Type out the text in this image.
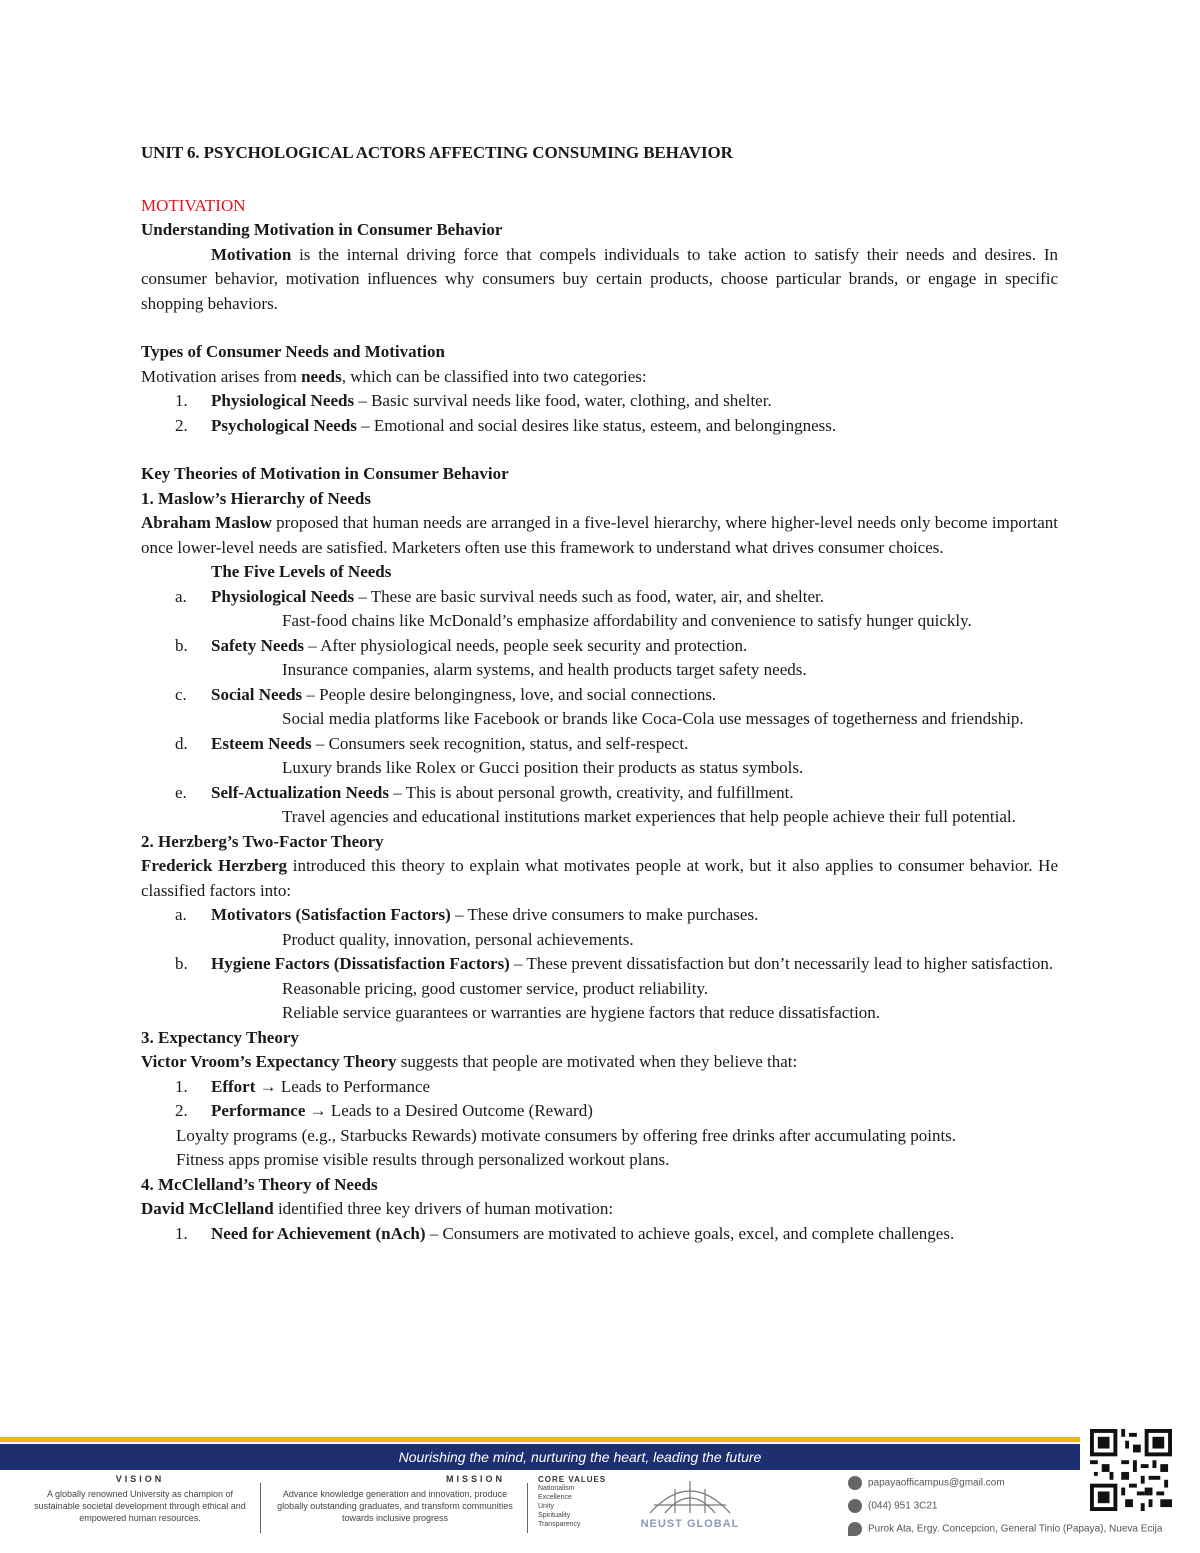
UNIT 6. PSYCHOLOGICAL ACTORS AFFECTING CONSUMING BEHAVIOR

MOTIVATION

Understanding Motivation in Consumer Behavior

Motivation is the internal driving force that compels individuals to take action to satisfy their needs and desires. In consumer behavior, motivation influences why consumers buy certain products, choose particular brands, or engage in specific shopping behaviors.

Types of Consumer Needs and Motivation

Motivation arises from needs, which can be classified into two categories:

1. Physiological Needs – Basic survival needs like food, water, clothing, and shelter.
2. Psychological Needs – Emotional and social desires like status, esteem, and belongingness.

Key Theories of Motivation in Consumer Behavior

1. Maslow’s Hierarchy of Needs

Abraham Maslow proposed that human needs are arranged in a five-level hierarchy, where higher-level needs only become important once lower-level needs are satisfied. Marketers often use this framework to understand what drives consumer choices.

The Five Levels of Needs

a. Physiological Needs – These are basic survival needs such as food, water, air, and shelter.

Fast-food chains like McDonald’s emphasize affordability and convenience to satisfy hunger quickly.

b. Safety Needs – After physiological needs, people seek security and protection.

Insurance companies, alarm systems, and health products target safety needs.

c. Social Needs – People desire belongingness, love, and social connections.

Social media platforms like Facebook or brands like Coca-Cola use messages of togetherness and friendship.

d. Esteem Needs – Consumers seek recognition, status, and self-respect.

Luxury brands like Rolex or Gucci position their products as status symbols.

e. Self-Actualization Needs – This is about personal growth, creativity, and fulfillment.

Travel agencies and educational institutions market experiences that help people achieve their full potential.

2. Herzberg’s Two-Factor Theory

Frederick Herzberg introduced this theory to explain what motivates people at work, but it also applies to consumer behavior. He classified factors into:

a. Motivators (Satisfaction Factors) – These drive consumers to make purchases.

Product quality, innovation, personal achievements.

b. Hygiene Factors (Dissatisfaction Factors) – These prevent dissatisfaction but don’t necessarily lead to higher satisfaction.

Reasonable pricing, good customer service, product reliability.

Reliable service guarantees or warranties are hygiene factors that reduce dissatisfaction.

3. Expectancy Theory

Victor Vroom’s Expectancy Theory suggests that people are motivated when they believe that:

1. Effort → Leads to Performance
2. Performance → Leads to a Desired Outcome (Reward)

Loyalty programs (e.g., Starbucks Rewards) motivate consumers by offering free drinks after accumulating points.

Fitness apps promise visible results through personalized workout plans.

4. McClelland’s Theory of Needs

David McClelland identified three key drivers of human motivation:

1. Need for Achievement (nAch) – Consumers are motivated to achieve goals, excel, and complete challenges.
Nourishing the mind, nurturing the heart, leading the future
VISION
A globally renowned University as champion of sustainable societal development through ethical and empowered human resources.
MISSION
Advance knowledge generation and innovation, produce globally outstanding graduates, and transform communities towards inclusive progress
CORE VALUES
Nationalism
Excellence
Unity
Spirituality
Transparency	NEUST GLOBAL
papayaofficampus@gmail.com
(044) 951 3C21
Purok Ata, Ergy. Concepcion, General Tinio (Papaya), Nueva Ecija
